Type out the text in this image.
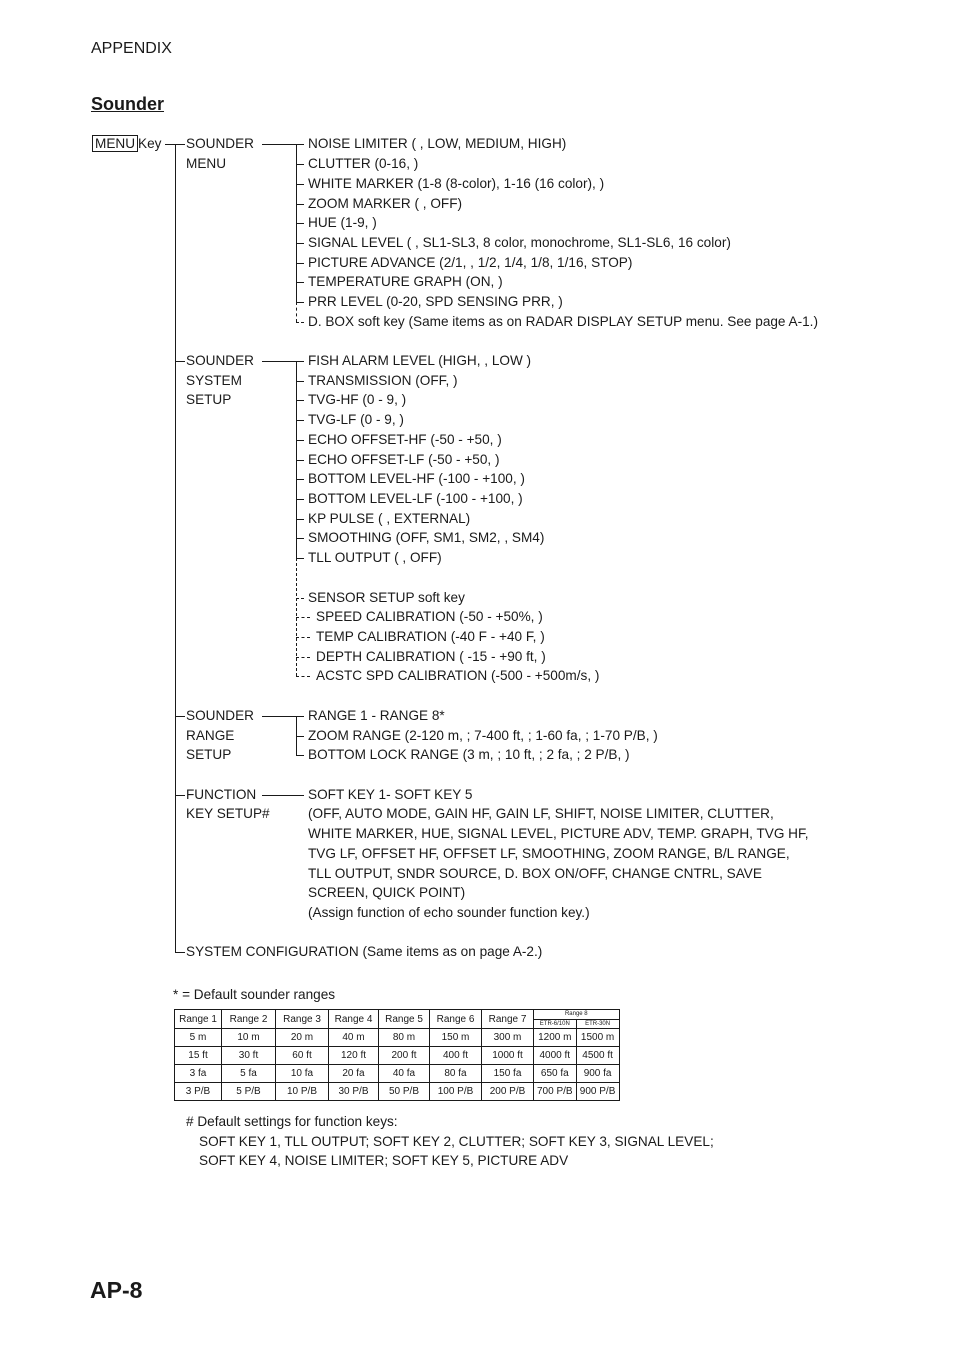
APPENDIX
Sounder
MENU Key SOUNDER
MENU
NOISE LIMITER ( , LOW, MEDIUM, HIGH)
CLUTTER (0-16, )
WHITE MARKER (1-8 (8-color), 1-16 (16 color), )
ZOOM MARKER ( , OFF)
HUE (1-9, )
SIGNAL LEVEL ( , SL1-SL3, 8 color, monochrome, SL1-SL6, 16 color)
PICTURE ADVANCE (2/1, , 1/2, 1/4, 1/8, 1/16, STOP)
TEMPERATURE GRAPH (ON, )
PRR LEVEL (0-20, SPD SENSING PRR, )
D. BOX soft key (Same items as on RADAR DISPLAY SETUP menu. See page A-1.)
SOUNDER
SYSTEM
SETUP
FISH ALARM LEVEL (HIGH, , LOW )
TRANSMISSION (OFF, )
TVG-HF (0 - 9, )
TVG-LF (0 - 9, )
ECHO OFFSET-HF (-50 - +50, )
ECHO OFFSET-LF (-50 - +50, )
BOTTOM LEVEL-HF (-100 - +100, )
BOTTOM LEVEL-LF (-100 - +100, )
KP PULSE ( , EXTERNAL)
SMOOTHING (OFF, SM1, SM2, , SM4)
TLL OUTPUT ( , OFF)
SENSOR SETUP soft key
SPEED CALIBRATION (-50 - +50%, )
TEMP CALIBRATION (-40 F - +40 F, )
DEPTH CALIBRATION ( -15 - +90 ft, )
ACSTC SPD CALIBRATION (-500 - +500m/s, )
SOUNDER
RANGE
SETUP
RANGE 1 - RANGE 8*
ZOOM RANGE (2-120 m, ; 7-400 ft, ; 1-60 fa, ; 1-70 P/B, )
BOTTOM LOCK RANGE (3 m, ; 10 ft, ; 2 fa, ; 2 P/B, )
FUNCTION
KEY SETUP#
SOFT KEY 1- SOFT KEY 5
(OFF, AUTO MODE, GAIN HF, GAIN LF, SHIFT, NOISE LIMITER, CLUTTER,
WHITE MARKER, HUE, SIGNAL LEVEL, PICTURE ADV, TEMP. GRAPH, TVG HF,
TVG LF, OFFSET HF, OFFSET LF, SMOOTHING, ZOOM RANGE, B/L RANGE,
TLL OUTPUT, SNDR SOURCE, D. BOX ON/OFF, CHANGE CNTRL, SAVE
SCREEN, QUICK POINT)
(Assign function of echo sounder function key.)
SYSTEM CONFIGURATION (Same items as on page A-2.)
* = Default sounder ranges
Range 1	Range 2	Range 3	Range 4	Range 5	Range 6	Range 7	Range 8	
							ETR-6/10N	ETR-30N
5 m	10 m	20 m	40 m	80 m	150 m	300 m	1200 m	1500 m
15 ft	30 ft	60 ft	120 ft	200 ft	400 ft	1000 ft	4000 ft	4500 ft
3 fa	5 fa	10 fa	20 fa	40 fa	80 fa	150 fa	650 fa	900 fa
3 P/B	5 P/B	10 P/B	30 P/B	50 P/B	100 P/B	200 P/B	700 P/B	900 P/B
# Default settings for function keys:
SOFT KEY 1, TLL OUTPUT; SOFT KEY 2, CLUTTER; SOFT KEY 3, SIGNAL LEVEL;
SOFT KEY 4, NOISE LIMITER; SOFT KEY 5, PICTURE ADV
AP-8
